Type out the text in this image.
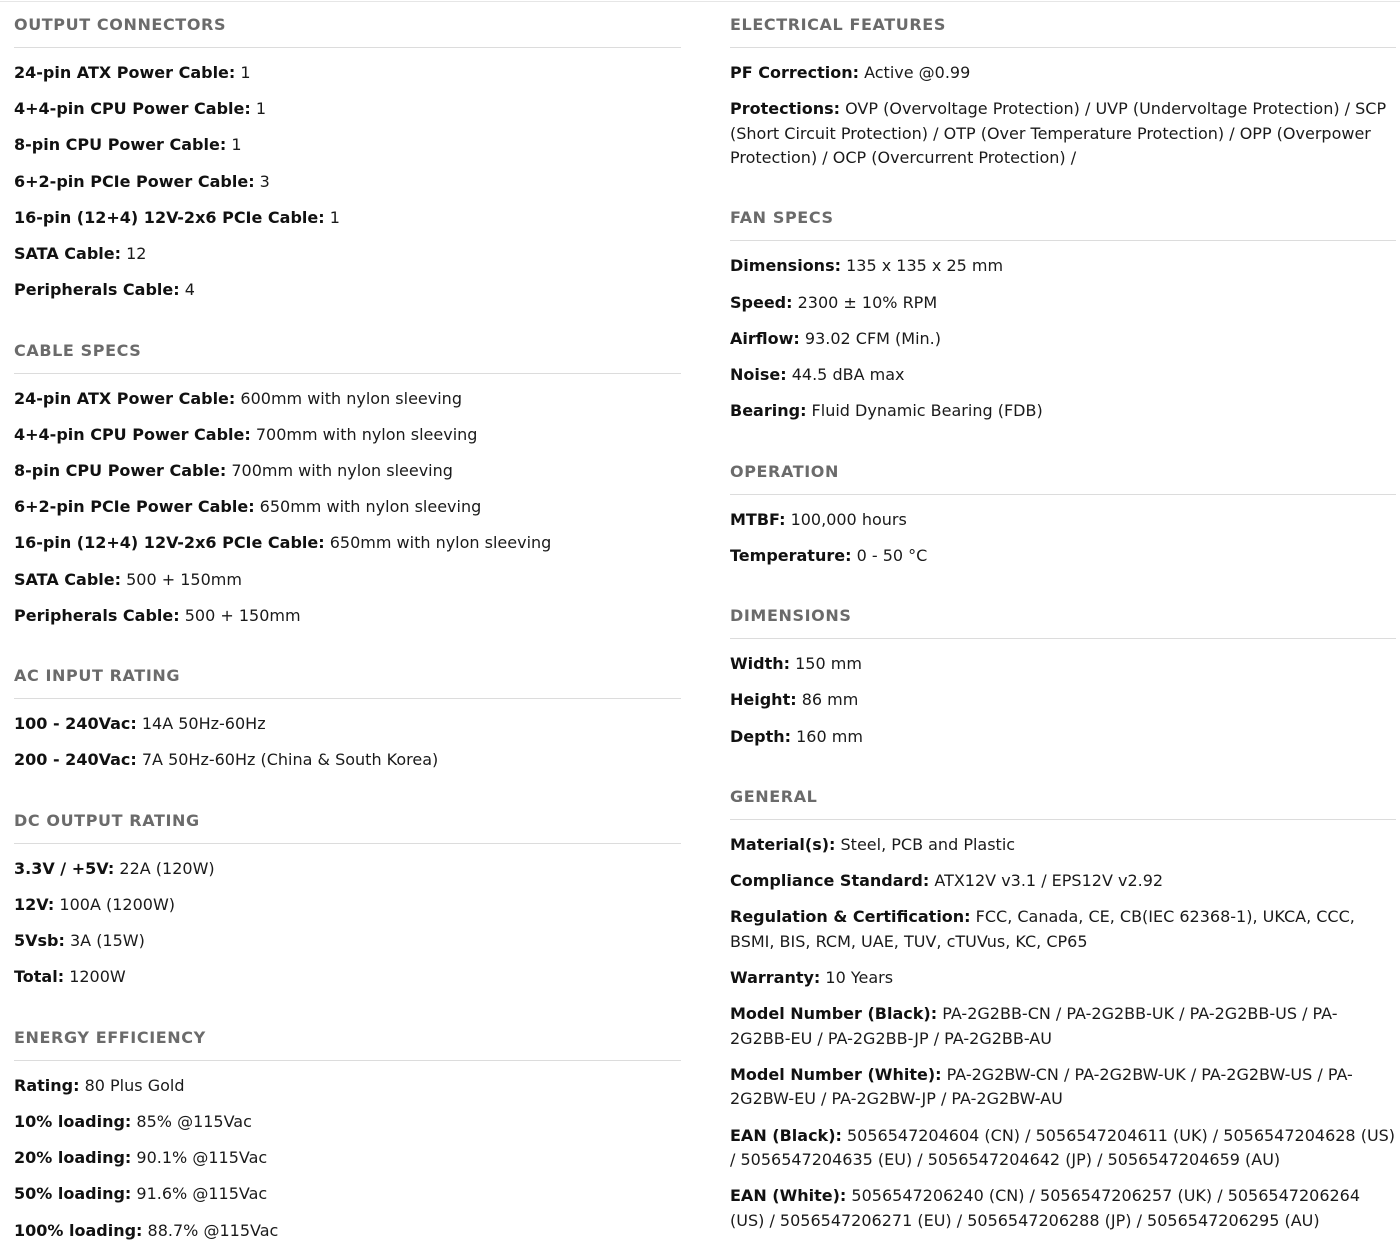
OUTPUT CONNECTORS
24-pin ATX Power Cable: 1
4+4-pin CPU Power Cable: 1
8-pin CPU Power Cable: 1
6+2-pin PCIe Power Cable: 3
16-pin (12+4) 12V-2x6 PCIe Cable: 1
SATA Cable: 12
Peripherals Cable: 4
CABLE SPECS
24-pin ATX Power Cable: 600mm with nylon sleeving
4+4-pin CPU Power Cable: 700mm with nylon sleeving
8-pin CPU Power Cable: 700mm with nylon sleeving
6+2-pin PCIe Power Cable: 650mm with nylon sleeving
16-pin (12+4) 12V-2x6 PCIe Cable: 650mm with nylon sleeving
SATA Cable: 500 + 150mm
Peripherals Cable: 500 + 150mm
AC INPUT RATING
100 - 240Vac: 14A 50Hz-60Hz
200 - 240Vac: 7A 50Hz-60Hz (China & South Korea)
DC OUTPUT RATING
3.3V / +5V: 22A (120W)
12V: 100A (1200W)
5Vsb: 3A (15W)
Total: 1200W
ENERGY EFFICIENCY
Rating: 80 Plus Gold
10% loading: 85% @115Vac
20% loading: 90.1% @115Vac
50% loading: 91.6% @115Vac
100% loading: 88.7% @115Vac
ELECTRICAL FEATURES
PF Correction: Active @0.99
Protections: OVP (Overvoltage Protection) / UVP (Undervoltage Protection) / SCP (Short Circuit Protection) / OTP (Over Temperature Protection) / OPP (Overpower Protection) / OCP (Overcurrent Protection) /
FAN SPECS
Dimensions: 135 x 135 x 25 mm
Speed: 2300 ± 10% RPM
Airflow: 93.02 CFM (Min.)
Noise: 44.5 dBA max
Bearing: Fluid Dynamic Bearing (FDB)
OPERATION
MTBF: 100,000 hours
Temperature: 0 - 50 °C
DIMENSIONS
Width: 150 mm
Height: 86 mm
Depth: 160 mm
GENERAL
Material(s): Steel, PCB and Plastic
Compliance Standard: ATX12V v3.1 / EPS12V v2.92
Regulation & Certification: FCC, Canada, CE, CB(IEC 62368-1), UKCA, CCC, BSMI, BIS, RCM, UAE, TUV, cTUVus, KC, CP65
Warranty: 10 Years
Model Number (Black): PA-2G2BB-CN / PA-2G2BB-UK / PA-2G2BB-US / PA-2G2BB-EU / PA-2G2BB-JP / PA-2G2BB-AU
Model Number (White): PA-2G2BW-CN / PA-2G2BW-UK / PA-2G2BW-US / PA-2G2BW-EU / PA-2G2BW-JP / PA-2G2BW-AU
EAN (Black): 5056547204604 (CN) / 5056547204611 (UK) / 5056547204628 (US) / 5056547204635 (EU) / 5056547204642 (JP) / 5056547204659 (AU)
EAN (White): 5056547206240 (CN) / 5056547206257 (UK) / 5056547206264 (US) / 5056547206271 (EU) / 5056547206288 (JP) / 5056547206295 (AU)
